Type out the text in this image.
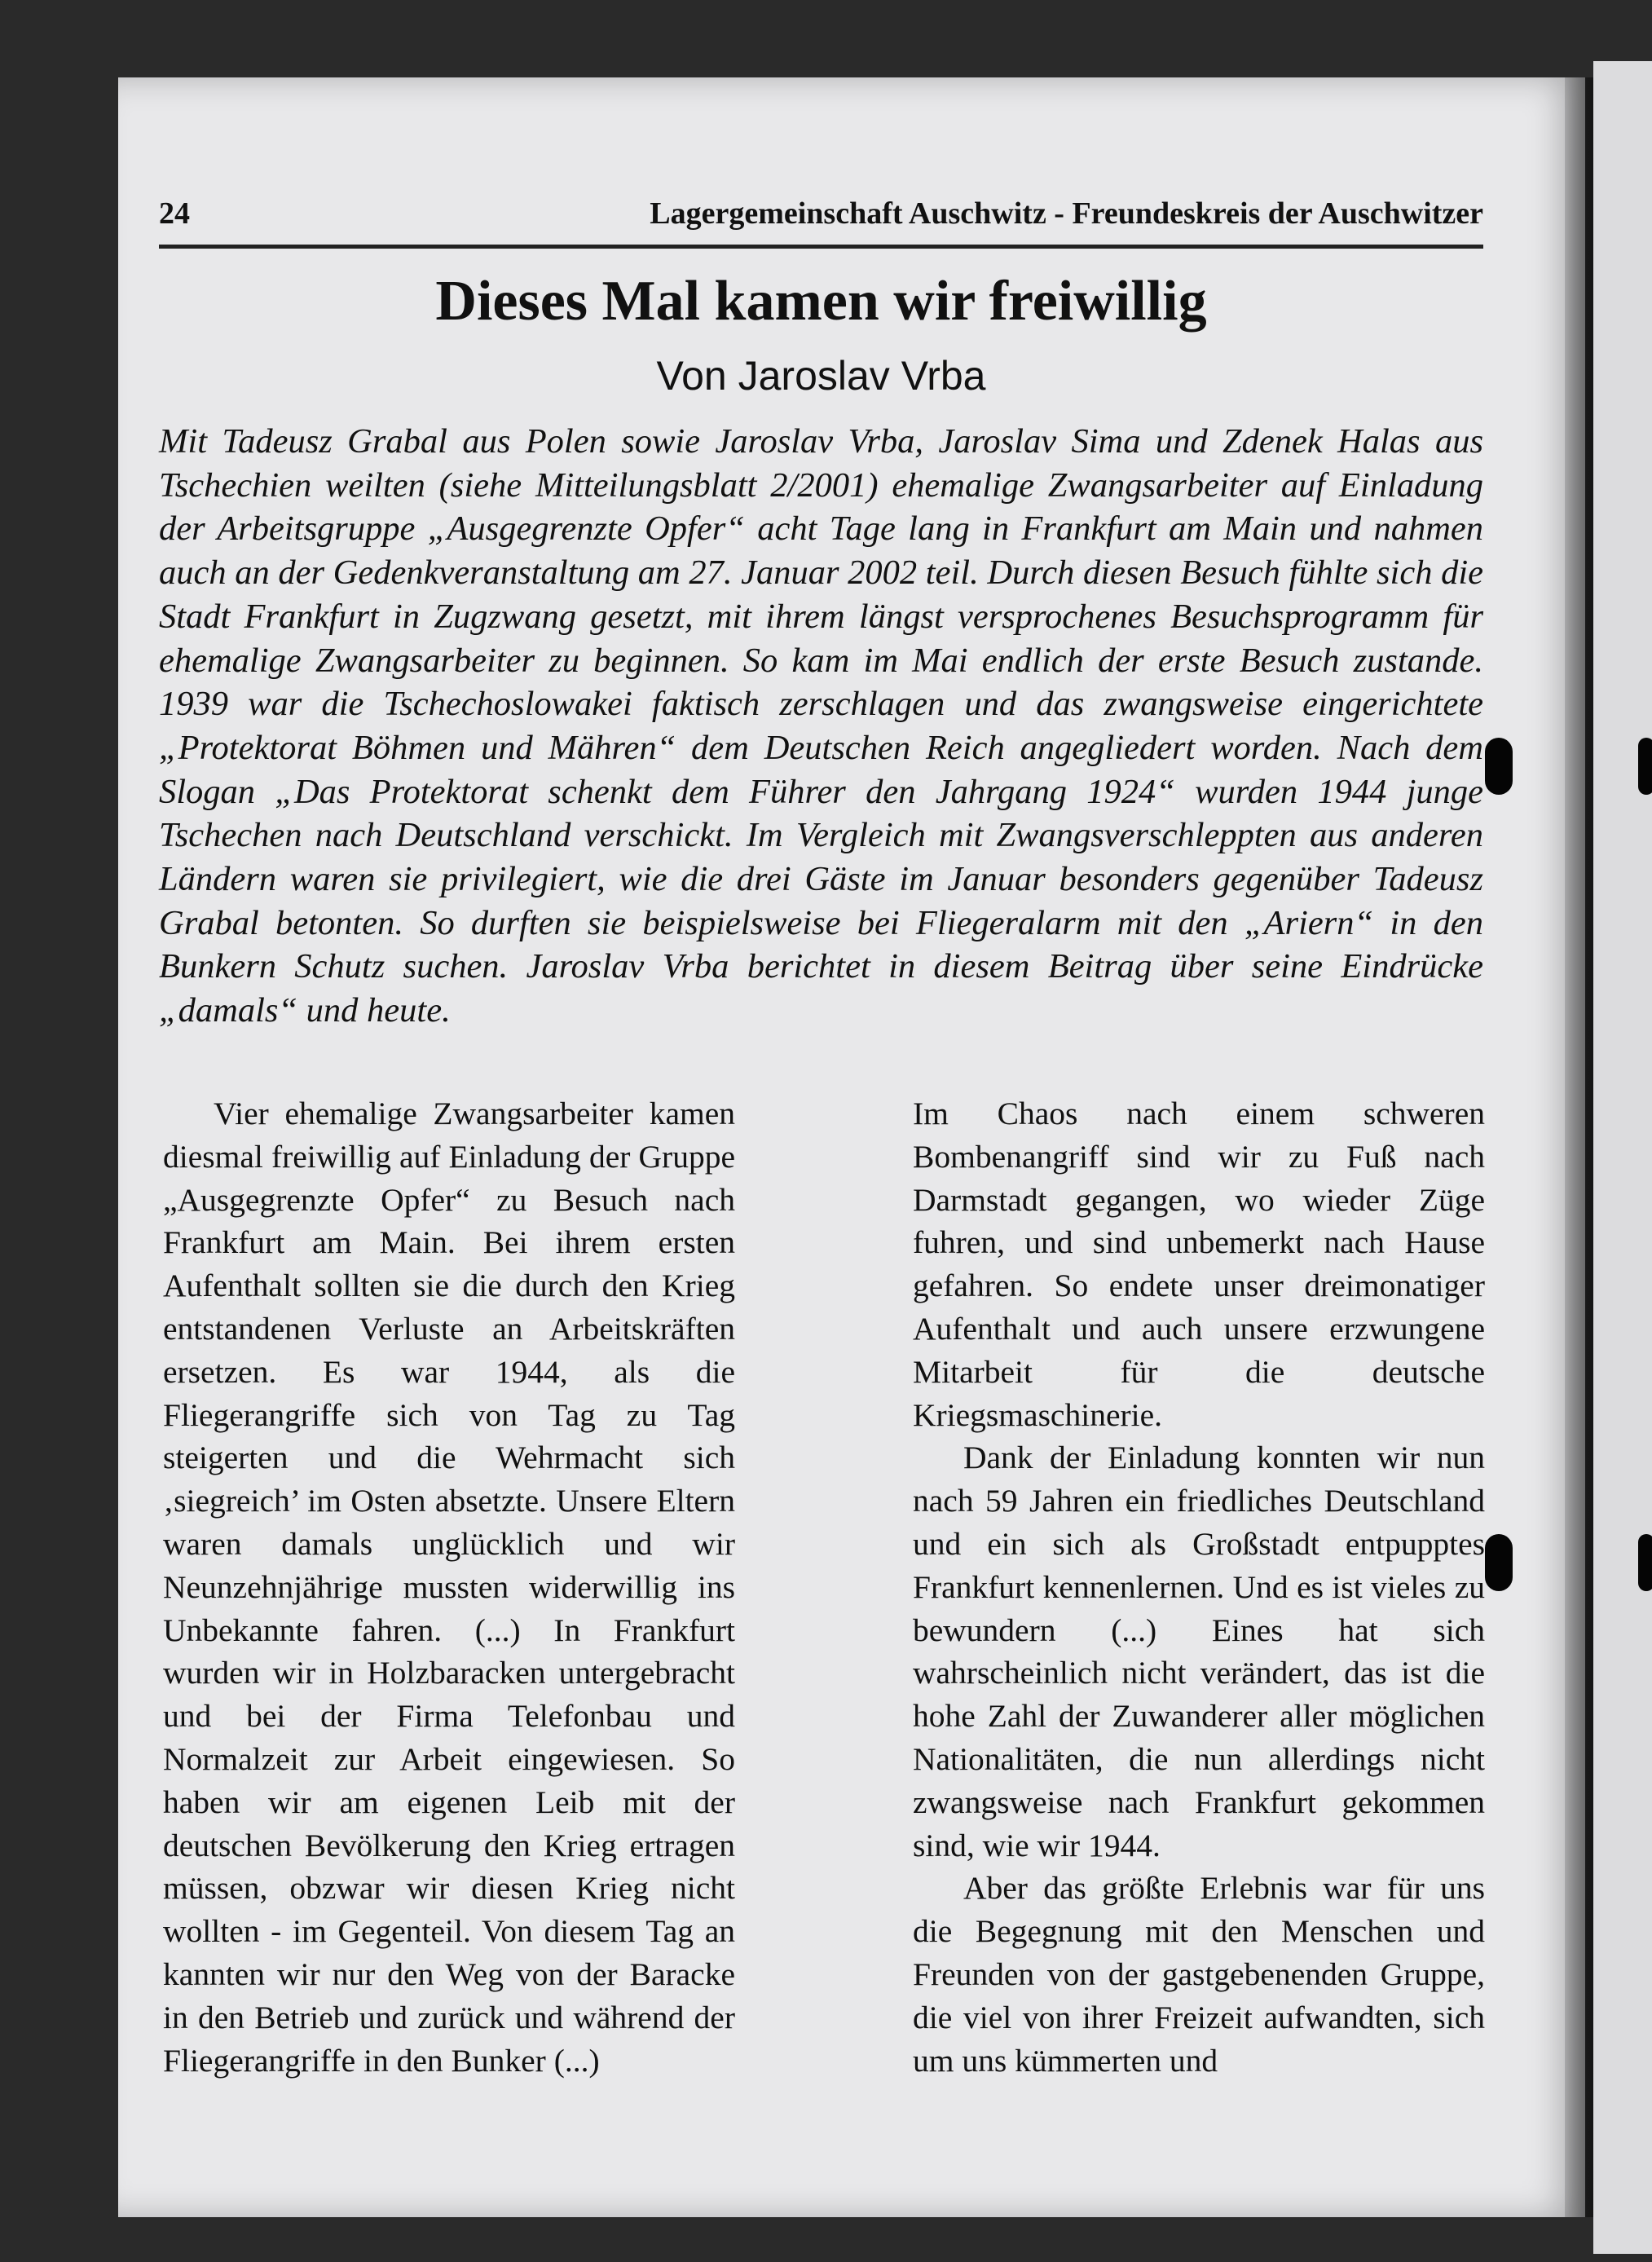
24	Lagergemeinschaft Auschwitz - Freundeskreis der Auschwitzer
Dieses Mal kamen wir freiwillig
Von Jaroslav Vrba
Mit Tadeusz Grabal aus Polen sowie Jaroslav Vrba, Jaroslav Sima und Zdenek Halas aus Tschechien weilten (siehe Mitteilungsblatt 2/2001) ehemalige Zwangsarbeiter auf Einladung der Arbeitsgruppe „Ausgegrenzte Opfer“ acht Tage lang in Frankfurt am Main und nahmen auch an der Gedenkveranstaltung am 27. Januar 2002 teil. Durch diesen Besuch fühlte sich die Stadt Frankfurt in Zugzwang gesetzt, mit ihrem längst versprochenes Besuchsprogramm für ehemalige Zwangsarbeiter zu beginnen. So kam im Mai endlich der erste Besuch zustande. 1939 war die Tschechoslowakei faktisch zerschlagen und das zwangsweise eingerichtete „Protektorat Böhmen und Mähren“ dem Deutschen Reich angegliedert worden. Nach dem Slogan „Das Protektorat schenkt dem Führer den Jahrgang 1924“ wurden 1944 junge Tschechen nach Deutschland verschickt. Im Vergleich mit Zwangsverschleppten aus anderen Ländern waren sie privilegiert, wie die drei Gäste im Januar besonders gegenüber Tadeusz Grabal betonten. So durften sie beispielsweise bei Fliegeralarm mit den „Ariern“ in den Bunkern Schutz suchen. Jaroslav Vrba berichtet in diesem Beitrag über seine Eindrücke „damals“ und heute.

Vier ehemalige Zwangsarbeiter kamen diesmal freiwillig auf Einladung der Gruppe „Ausgegrenzte Opfer“ zu Besuch nach Frankfurt am Main. Bei ihrem ersten Aufenthalt sollten sie die durch den Krieg entstandenen Verluste an Arbeitskräften ersetzen. Es war 1944, als die Fliegerangriffe sich von Tag zu Tag steigerten und die Wehrmacht sich ‚siegreich’ im Osten absetzte. Unsere Eltern waren damals unglücklich und wir Neunzehnjährige mussten widerwillig ins Unbekannte fahren. (...) In Frankfurt wurden wir in Holzbaracken untergebracht und bei der Firma Telefonbau und Normalzeit zur Arbeit eingewiesen. So haben wir am eigenen Leib mit der deutschen Bevölkerung den Krieg ertragen müssen, obzwar wir diesen Krieg nicht wollten - im Gegenteil. Von diesem Tag an kannten wir nur den Weg von der Baracke in den Betrieb und zurück und während der Fliegerangriffe in den Bunker (...)

Im Chaos nach einem schweren Bombenangriff sind wir zu Fuß nach Darmstadt gegangen, wo wieder Züge fuhren, und sind unbemerkt nach Hause gefahren. So endete unser dreimonatiger Aufenthalt und auch unsere erzwungene Mitarbeit für die deutsche Kriegsmaschinerie.

Dank der Einladung konnten wir nun nach 59 Jahren ein friedliches Deutschland und ein sich als Großstadt entpupptes Frankfurt kennenlernen. Und es ist vieles zu bewundern (...) Eines hat sich wahrscheinlich nicht verändert, das ist die hohe Zahl der Zuwanderer aller möglichen Nationalitäten, die nun allerdings nicht zwangsweise nach Frankfurt gekommen sind, wie wir 1944.

Aber das größte Erlebnis war für uns die Begegnung mit den Menschen und Freunden von der gastgebenenden Gruppe, die viel von ihrer Freizeit aufwandten, sich um uns kümmerten und
